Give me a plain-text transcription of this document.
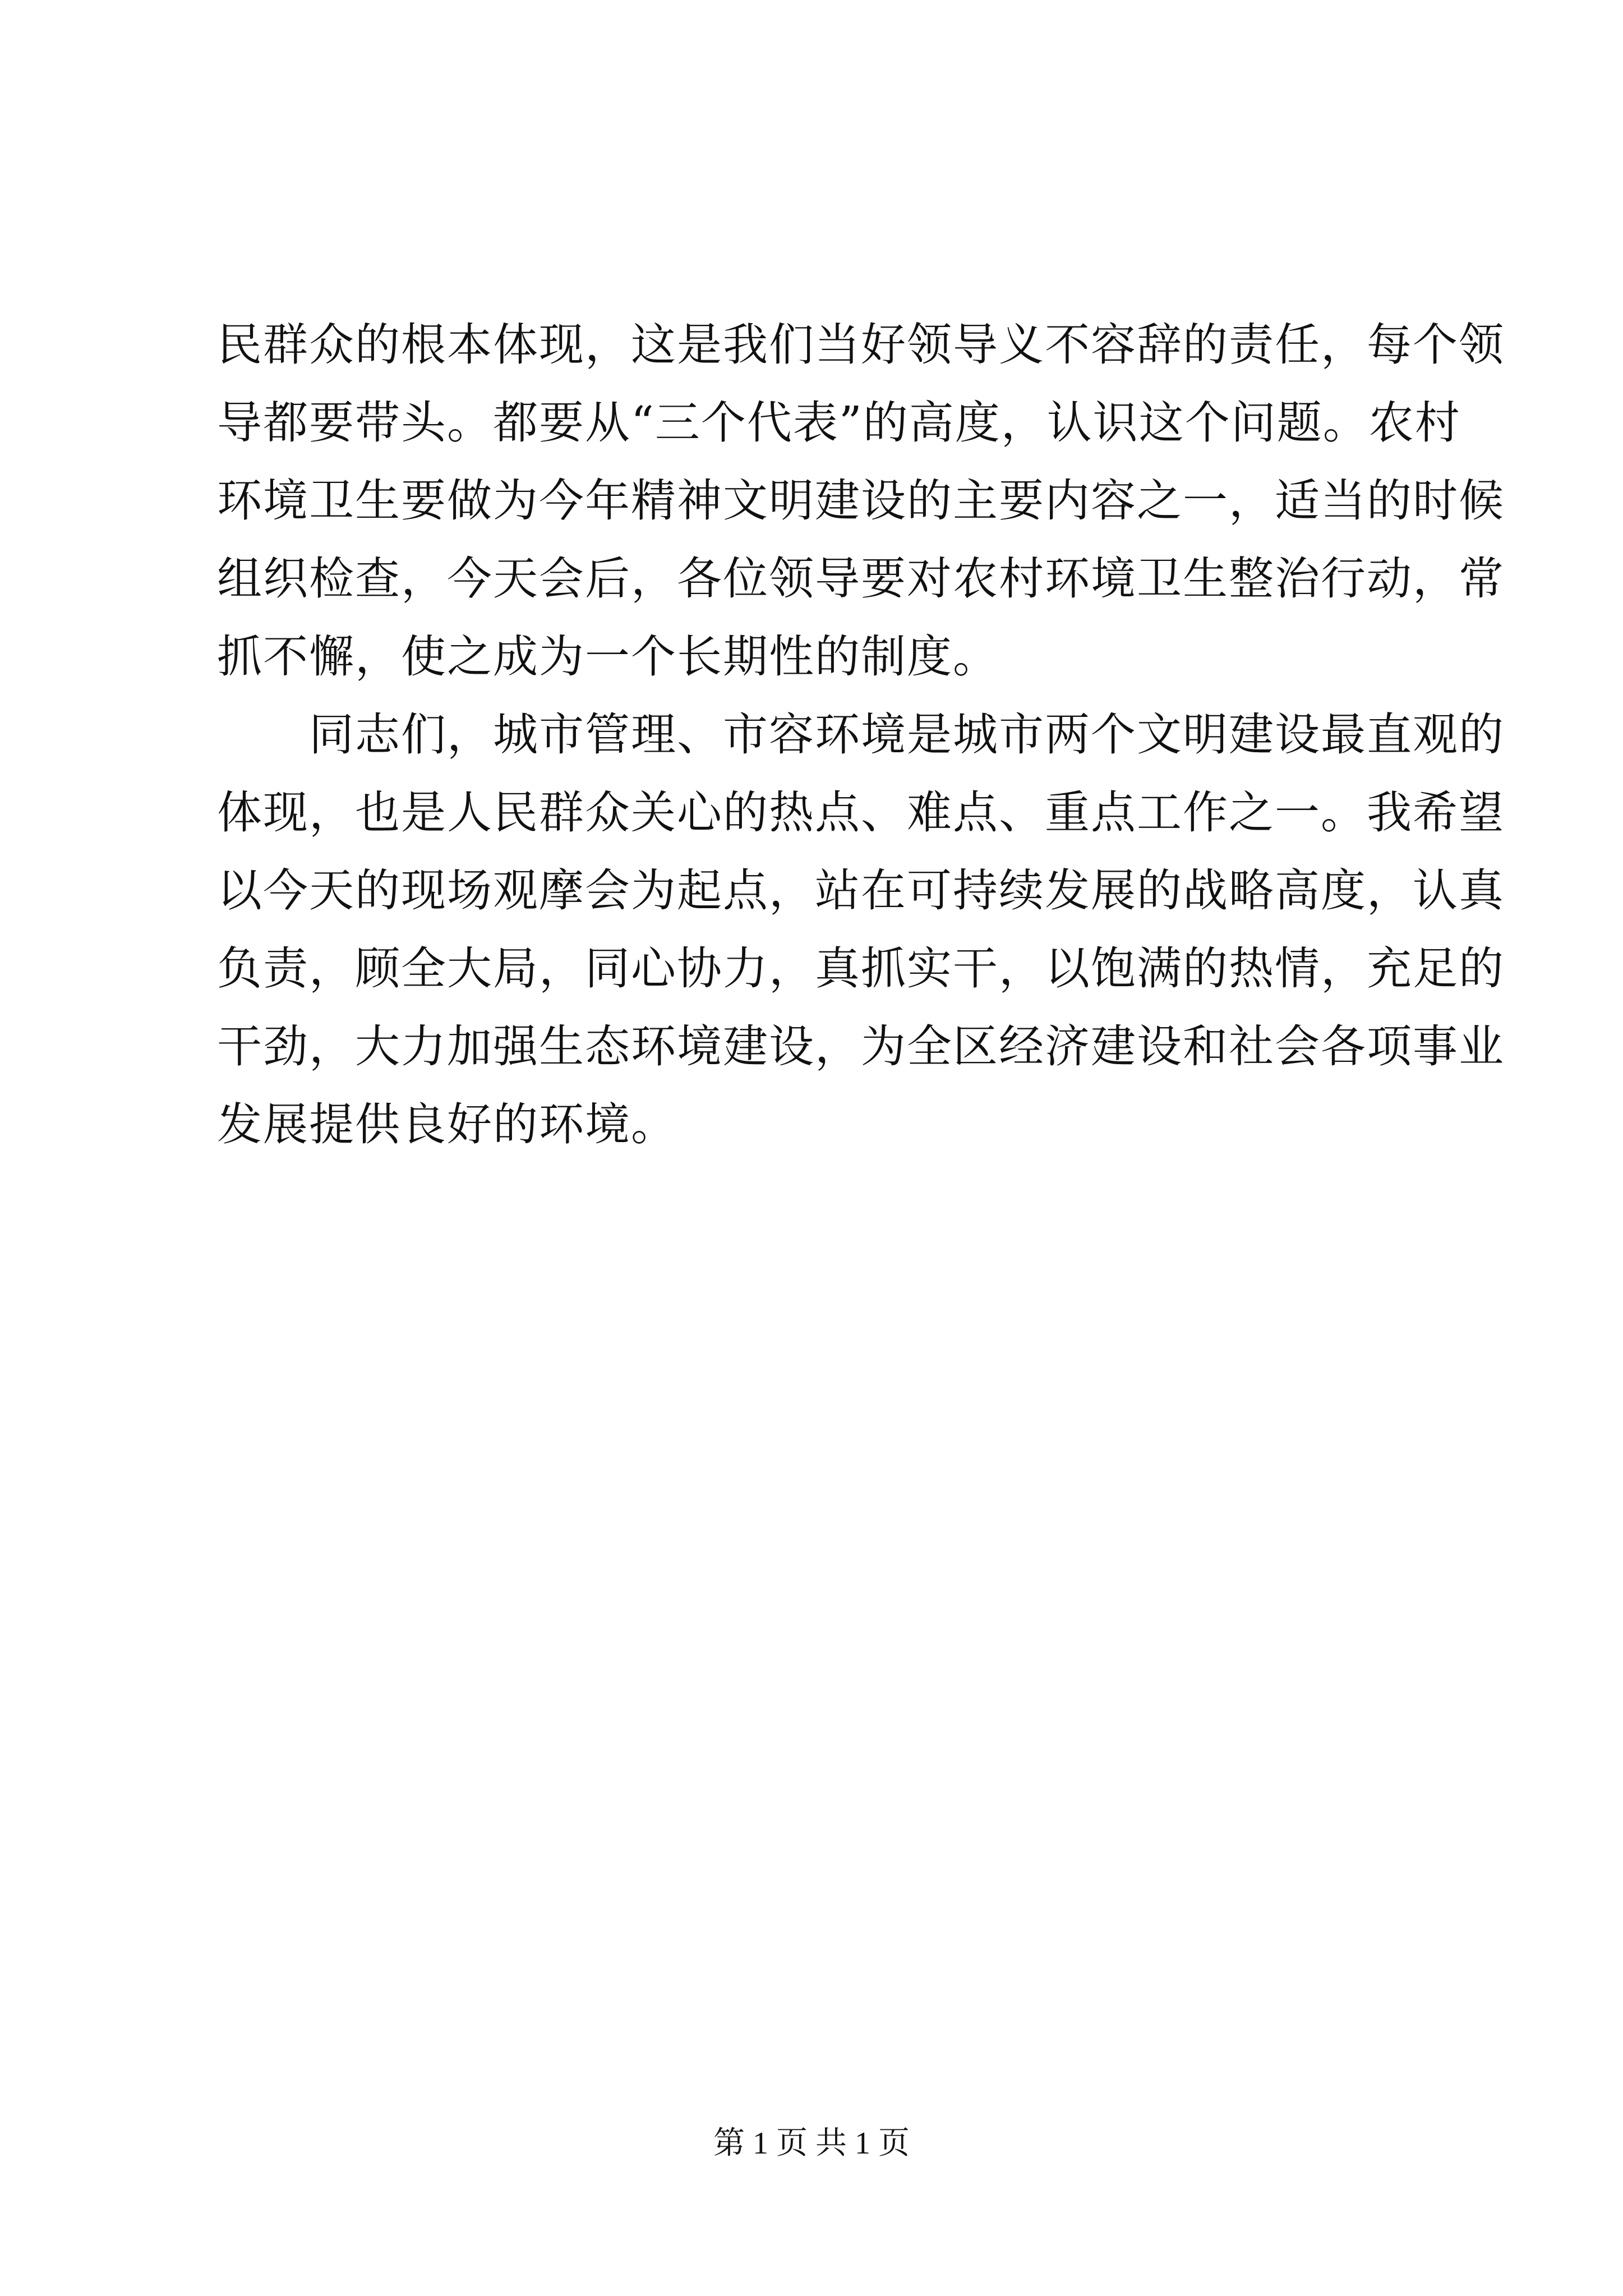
民群众的根本体现，这是我们当好领导义不容辞的责任，每个领
导都要带头。都要从“三个代表”的高度，认识这个问题。农村
环境卫生要做为今年精神文明建设的主要内容之一，适当的时候
组织检查，今天会后，各位领导要对农村环境卫生整治行动，常
抓不懈，使之成为一个长期性的制度。
　　同志们，城市管理、市容环境是城市两个文明建设最直观的
体现，也是人民群众关心的热点、难点、重点工作之一。我希望
以今天的现场观摩会为起点，站在可持续发展的战略高度，认真
负责，顾全大局，同心协力，真抓实干，以饱满的热情，充足的
干劲，大力加强生态环境建设，为全区经济建设和社会各项事业
发展提供良好的环境。
第 1 页 共 1 页
